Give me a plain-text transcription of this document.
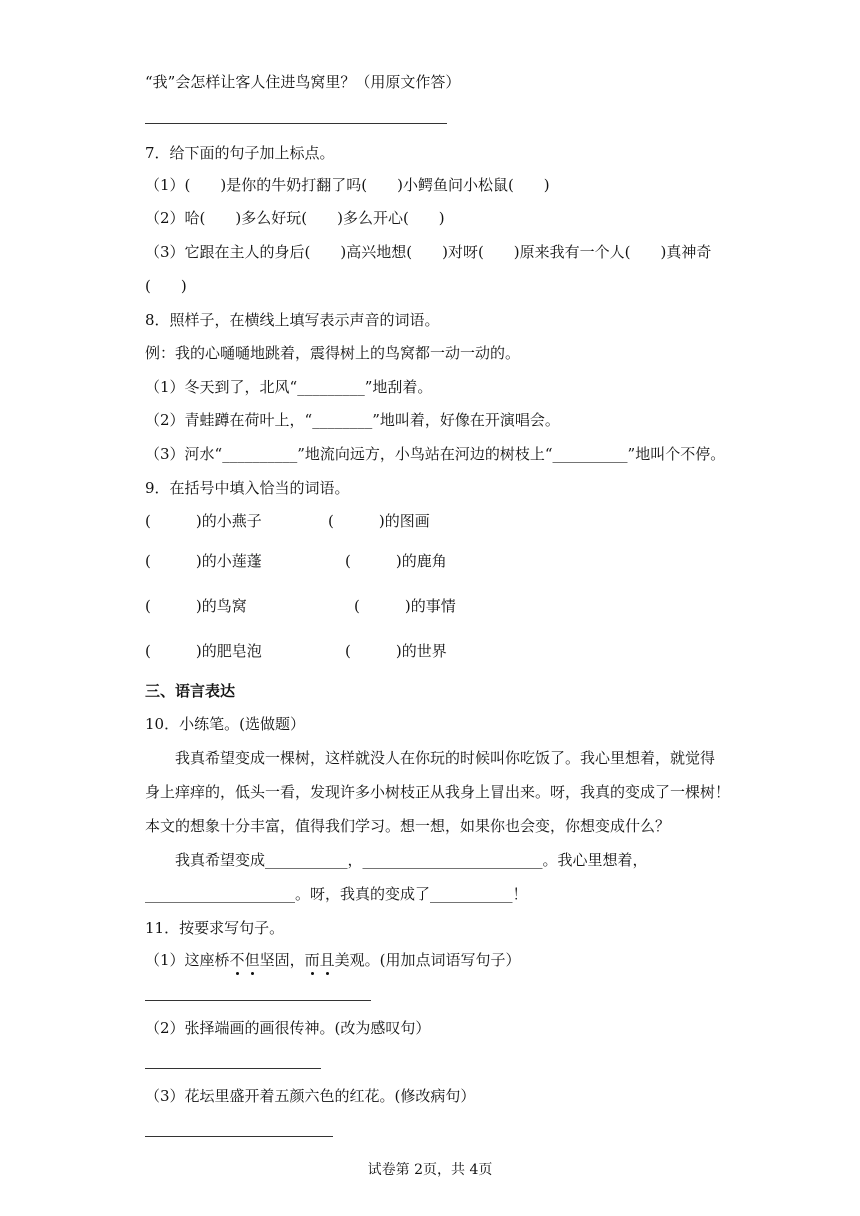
“我”会怎样让客人住进鸟窝里？（用原文作答）
7．给下面的句子加上标点。
（1）(　　)是你的牛奶打翻了吗(　　)小鳄鱼问小松鼠(　　)
（2）哈(　　)多么好玩(　　)多么开心(　　)
（3）它跟在主人的身后(　　)高兴地想(　　)对呀(　　)原来我有一个人(　　)真神奇
(　　)
8．照样子，在横线上填写表示声音的词语。
例：我的心嗵嗵地跳着，震得树上的鸟窝都一动一动的。
（1）冬天到了，北风“_________”地刮着。
（2）青蛙蹲在荷叶上，“________”地叫着，好像在开演唱会。
（3）河水“__________”地流向远方，小鸟站在河边的树枝上“__________”地叫个不停。
9．在括号中填入恰当的词语。
(　　　)的小燕子	(　　　)的图画
(　　　)的小莲蓬	(　　　)的鹿角
(　　　)的鸟窝	(　　　)的事情
(　　　)的肥皂泡	(　　　)的世界
三、语言表达
10．小练笔。(选做题）
我真希望变成一棵树，这样就没人在你玩的时候叫你吃饭了。我心里想着，就觉得
身上痒痒的，低头一看，发现许多小树枝正从我身上冒出来。呀，我真的变成了一棵树！
本文的想象十分丰富，值得我们学习。想一想，如果你也会变，你想变成什么？
我真希望变成___________，________________________。我心里想着，
____________________。呀，我真的变成了___________！
11．按要求写句子。
（1）这座桥不但坚固，而且美观。(用加点词语写句子）
（2）张择端画的画很传神。(改为感叹句）
（3）花坛里盛开着五颜六色的红花。(修改病句）
试卷第 2页，共 4页
